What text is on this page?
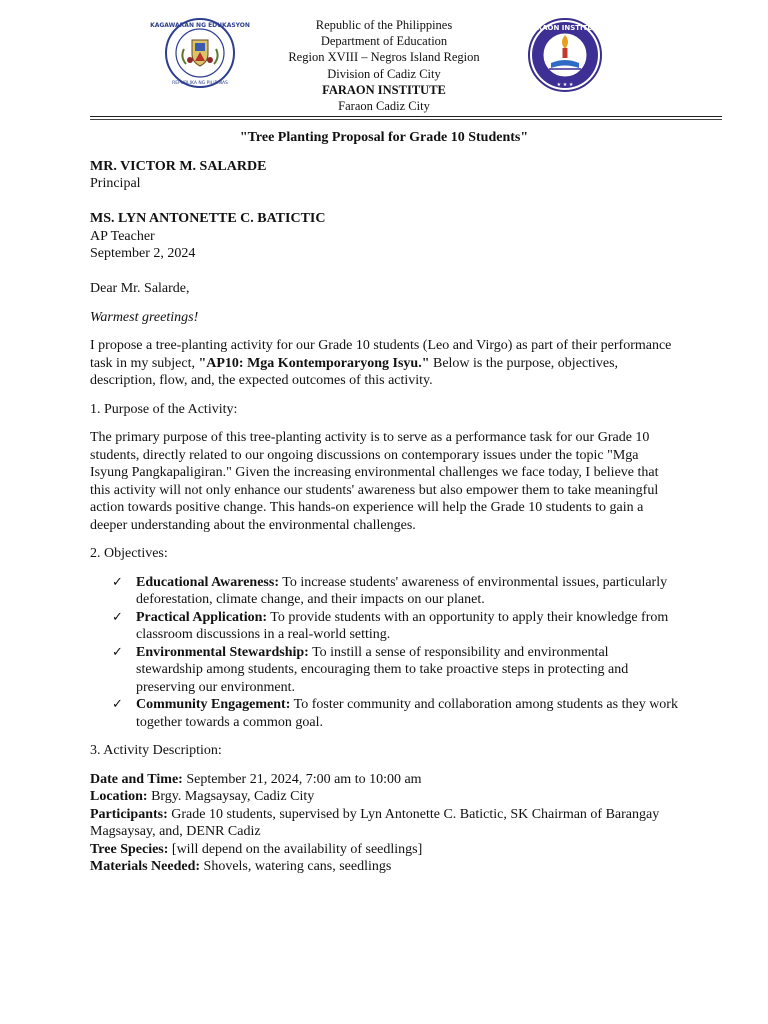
KAGAWARAN NG EDUKASYON
REPUBLIKA NG PILIPINAS
Republic of the Philippines
Department of Education
Region XVIII – Negros Island Region
Division of Cadiz City
FARAON INSTITUTE
Faraon Cadiz City
FARAON INSTITUTE
★ ★ ★

"Tree Planting Proposal for Grade 10 Students"

MR. VICTOR M. SALARDE

Principal

MS. LYN ANTONETTE C. BATICTIC

AP Teacher

September 2, 2024

Dear Mr. Salarde,

Warmest greetings!

I propose a tree-planting activity for our Grade 10 students (Leo and Virgo) as part of their performance task in my subject, "AP10: Mga Kontemporaryong Isyu." Below is the purpose, objectives, description, flow, and, the expected outcomes of this activity.

1. Purpose of the Activity:

The primary purpose of this tree-planting activity is to serve as a performance task for our Grade 10 students, directly related to our ongoing discussions on contemporary issues under the topic "Mga Isyung Pangkapaligiran." Given the increasing environmental challenges we face today, I believe that this activity will not only enhance our students' awareness but also empower them to take meaningful action towards positive change. This hands-on experience will help the Grade 10 students to gain a deeper understanding about the environmental challenges.

2. Objectives:

✓ Educational Awareness: To increase students' awareness of environmental issues, particularly deforestation, climate change, and their impacts on our planet.
✓ Practical Application: To provide students with an opportunity to apply their knowledge from classroom discussions in a real-world setting.
✓ Environmental Stewardship: To instill a sense of responsibility and environmental stewardship among students, encouraging them to take proactive steps in protecting and preserving our environment.
✓ Community Engagement: To foster community and collaboration among students as they work together towards a common goal.

3. Activity Description:

Date and Time: September 21, 2024, 7:00 am to 10:00 am

Location: Brgy. Magsaysay, Cadiz City

Participants: Grade 10 students, supervised by Lyn Antonette C. Batictic, SK Chairman of Barangay Magsaysay, and, DENR Cadiz

Tree Species: [will depend on the availability of seedlings]

Materials Needed: Shovels, watering cans, seedlings
